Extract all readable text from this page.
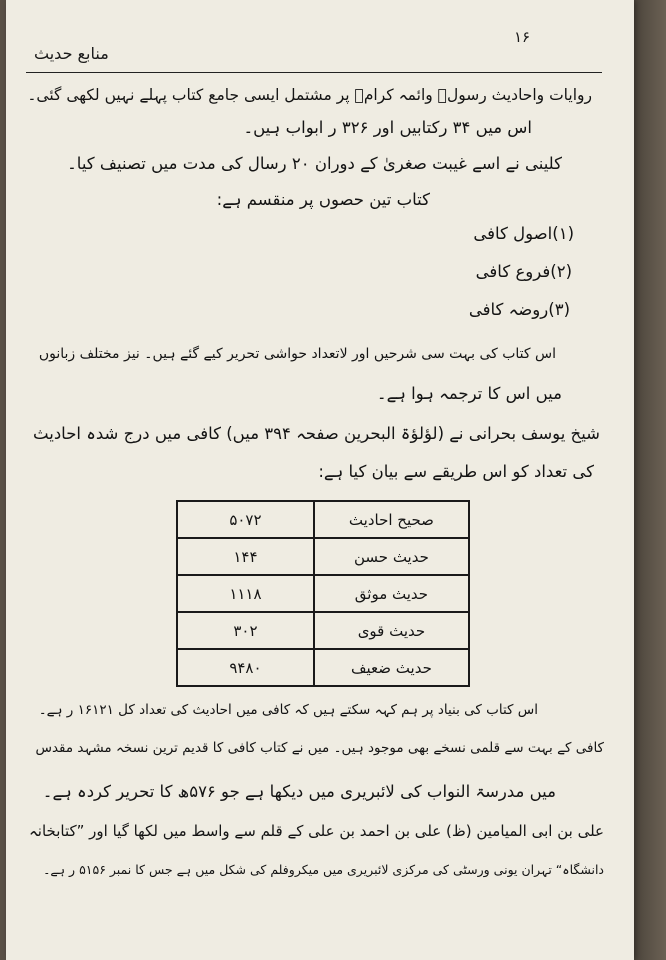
۱۶
منابع حدیث
روایات واحادیث رسولؐ وائمہ کرامؑ پر مشتمل ایسی جامع کتاب پہلے نہیں لکھی گئی۔
اس میں ۳۴ رکتابیں اور ۳۲۶ ر ابواب ہیں۔
کلینی نے اسے غیبت صغریٰ کے دوران ۲۰ رسال کی مدت میں تصنیف کیا۔
کتاب تین حصوں پر منقسم ہے:
(۱)اصول کافی
(۲)فروع کافی
(۳)روضہ کافی
اس کتاب کی بہت سی شرحیں اور لاتعداد حواشی تحریر کیے گئے ہیں۔ نیز مختلف زبانوں
میں اس کا ترجمہ ہوا ہے۔
شیخ یوسف بحرانی نے (لؤلؤۃ البحرین صفحہ ۳۹۴ میں) کافی میں درج شدہ احادیث
کی تعداد کو اس طریقے سے بیان کیا ہے:
صحیح احادیث	۵۰۷۲
حدیث حسن	۱۴۴
حدیث موثق	۱۱۱۸
حدیث قوی	۳۰۲
حدیث ضعیف	۹۴۸۰
اس کتاب کی بنیاد پر ہم کہہ سکتے ہیں کہ کافی میں احادیث کی تعداد کل ۱۶۱۲۱ ر ہے۔
کافی کے بہت سے قلمی نسخے بھی موجود ہیں۔ میں نے کتاب کافی کا قدیم ترین نسخہ مشہد مقدس
میں مدرسۃ النواب کی لائبریری میں دیکھا ہے جو ۵۷۶ھ کا تحریر کردہ ہے۔
علی بن ابی المیامین (ظ) علی بن احمد بن علی کے قلم سے واسط میں لکھا گیا اور ”کتابخانہ
دانشگاہ“ تہران یونی ورسٹی کی مرکزی لائبریری میں میکروفلم کی شکل میں ہے جس کا نمبر ۵۱۵۶ ر ہے۔
